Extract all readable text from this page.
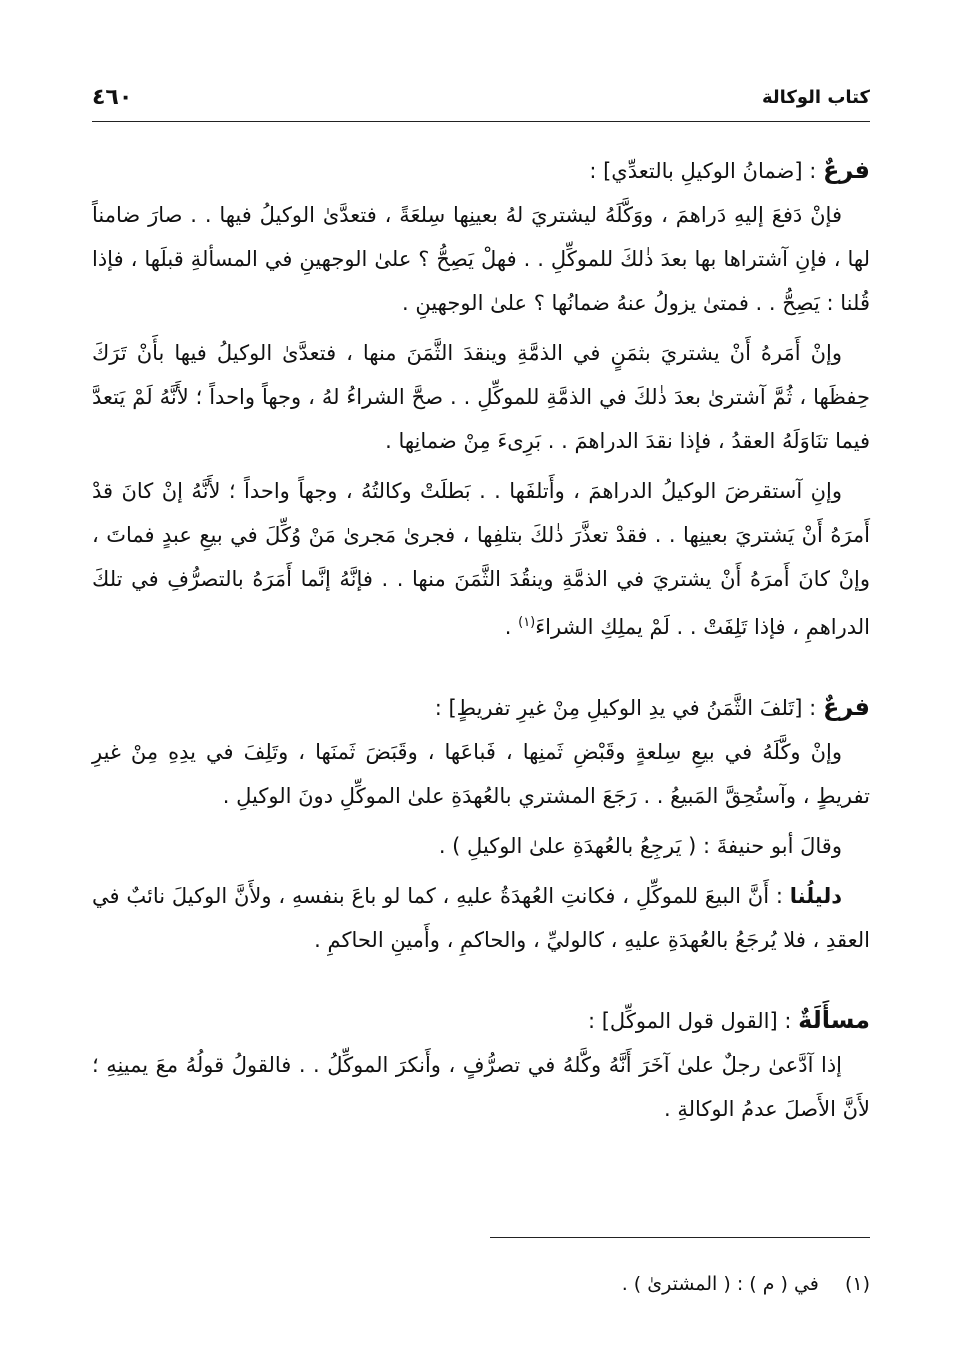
كتاب الوكالة
٤٦٠
فرعٌ : [ضمانُ الوكيلِ بالتعدِّي] :

فإنْ دَفعَ إليهِ دَراهمَ ، ووَكَّلَهُ ليشتريَ لهُ بعينِها سِلعَةً ، فتعدَّىٰ الوكيلُ فيها . . صارَ ضامناً لها ، فإنِ آشتراها بها بعدَ ذٰلكَ للموكِّلِ . . فهلْ يَصِحُّ ؟ علىٰ الوجهينِ في المسألةِ قبلَها ، فإذا قُلنا : يَصِحُّ . . فمتىٰ يزولُ عنهُ ضمانُها ؟ علىٰ الوجهينِ .

وإنْ أَمَرهُ أَنْ يشتريَ بثمَنٍ في الذمَّةِ وينقدَ الثَّمَنَ منها ، فتعدَّىٰ الوكيلُ فيها بأَنْ تَرَكَ حِفظَها ، ثُمَّ آشترىٰ بعدَ ذٰلكَ في الذمَّةِ للموكِّلِ . . صحَّ الشراءُ لهُ ، وجهاً واحداً ؛ لأَنَّهُ لَمْ يَتعدَّ فيما تنَاوَلَهُ العقدُ ، فإذا نقدَ الدراهمَ . . بَرِىءَ مِنْ ضمانِها .

وإنِ آستقرضَ الوكيلُ الدراهمَ ، وأَتلفَها . . بَطلَتْ وكالتُهُ ، وجهاً واحداً ؛ لأَنَّهُ إنْ كانَ قدْ أَمرَهُ أَنْ يَشتريَ بعينِها . . فقدْ تعذَّرَ ذٰلكَ بتلفِها ، فجرىٰ مَجرىٰ مَنْ وُكِّلَ في بيعِ عبدٍ فماتَ ، وإنْ كانَ أَمرَهُ أَنْ يشتريَ في الذمَّةِ وينقُدَ الثَّمَنَ منها . . فإنَّهُ إنَّما أَمَرَهُ بالتصرُّفِ في تلكَ الدراهمِ ، فإذا تَلِفَتْ . . لَمْ يملِكِ الشراءَ$^{(١)}$ .

فرعٌ : [تَلفَ الثَّمَنُ في يدِ الوكيلِ مِنْ غيرِ تفريطٍ] :

وإنْ وكَّلَهُ في بيعِ سِلعةٍ وقَبْضِ ثَمنِها ، فَباعَها ، وقَبَضَ ثَمنَها ، وتَلِفَ في يدِهِ مِنْ غيرِ تفريطٍ ، وآستُحِقَّ المَبيعُ . . رَجَعَ المشتري بالعُهدَةِ علىٰ الموكِّلِ دونَ الوكيلِ .

وقالَ أبو حنيفةَ : ( يَرجِعُ بالعُهدَةِ علىٰ الوكيلِ ) .

دليلُنا : أَنَّ البيعَ للموكِّلِ ، فكانتِ العُهدَةُ عليهِ ، كما لو باعَ بنفسهِ ، ولأَنَّ الوكيلَ نائبٌ في العقدِ ، فلا يُرجَعُ بالعُهدَةِ عليهِ ، كالوليِّ ، والحاكمِ ، وأَمينِ الحاكمِ .

مسأَلَةٌ : [القول قول الموكِّل] :

إذا آدَّعىٰ رجلٌ علىٰ آخَرَ أَنَّهُ وكَّلهُ في تصرُّفٍ ، وأَنكرَ الموكِّلُ . . فالقولُ قولُهُ معَ يمينِهِ ؛ لأَنَّ الأَصلَ عدمُ الوكالةِ .

(١) في ( م ) : ( المشترىٰ ) .
